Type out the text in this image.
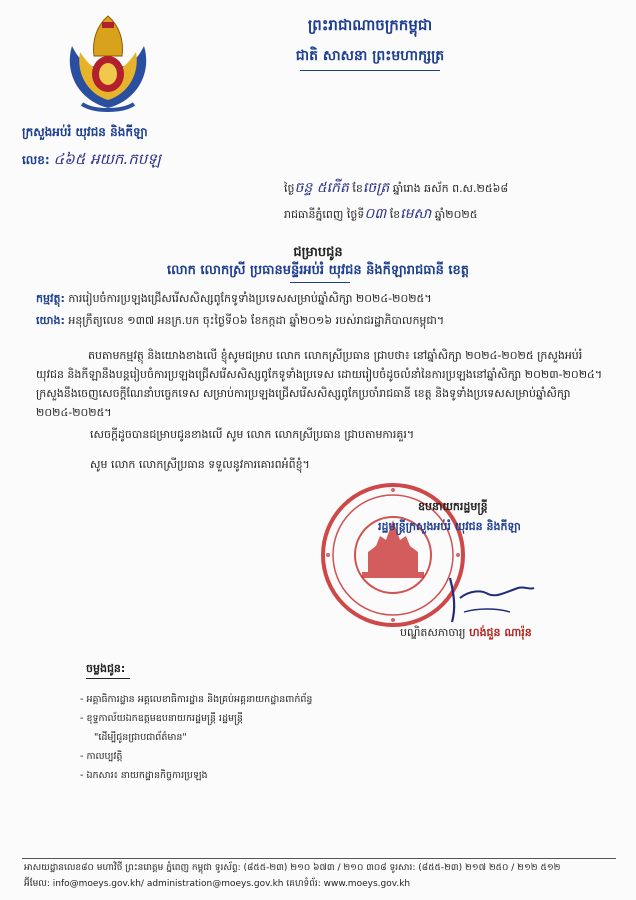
ព្រះរាជាណាចក្រកម្ពុជា
ជាតិ សាសនា ព្រះមហាក្សត្រ
ក្រសួងអប់រំ យុវជន និងកីឡា
លេខ: ៤៦៥ អយក.កបឡ
ថ្ងៃចន្ទ ៥កើត ខែចេត្រ ឆ្នាំរោង ឆស័ក ព.ស.២៥៦៨
រាជធានីភ្នំពេញ ថ្ងៃទី០៣ ខែមេសា ឆ្នាំ២០២៥
ជម្រាបជូន
លោក លោកស្រី ប្រធានមន្ទីរអប់រំ យុវជន និងកីឡារាជធានី ខេត្ត
កម្មវត្ថុ: ការរៀបចំការប្រឡងជ្រើសរើសសិស្សពូកែទូទាំងប្រទេសសម្រាប់ឆ្នាំសិក្សា ២០២៤-២០២៥។
យោង: អនុក្រឹត្យលេខ ១៣៧ អនក្រ.បក ចុះថ្ងៃទី០៦ ខែកក្កដា ឆ្នាំ២០១៦ របស់រាជរដ្ឋាភិបាលកម្ពុជា។

តបតាមកម្មវត្ថុ និងយោងខាងលើ ខ្ញុំសូមជម្រាប លោក លោកស្រីប្រធាន ជ្រាបថា៖ នៅឆ្នាំសិក្សា ២០២៤-២០២៥ ក្រសួងអប់រំ យុវជន និងកីឡានឹងបន្តរៀបចំការប្រឡងជ្រើសរើសសិស្សពូកែទូទាំងប្រទេស ដោយរៀបចំដូចលំនាំនៃការប្រឡងនៅឆ្នាំសិក្សា ២០២៣-២០២៤។ ក្រសួងនឹងចេញសេចក្តីណែនាំបច្ចេកទេស សម្រាប់ការប្រឡងជ្រើសរើសសិស្សពូកែប្រចាំរាជធានី ខេត្ត និងទូទាំងប្រទេសសម្រាប់ឆ្នាំសិក្សា ២០២៤-២០២៥។

សេចក្តីដូចបានជម្រាបជូនខាងលើ សូម លោក លោកស្រីប្រធាន ជ្រាបតាមការគួរ។
សូម លោក លោកស្រីប្រធាន ទទួលនូវការគោរពអំពីខ្ញុំ។
ឧបនាយករដ្ឋមន្ត្រី
រដ្ឋមន្ត្រីក្រសួងអប់រំ យុវជន និងកីឡា
បណ្ឌិតសភាចារ្យ ហង់ជួន ណារ៉ុន
ចម្លងជូន:
- អគ្គាធិការដ្ឋាន អគ្គលេខាធិការដ្ឋាន និងគ្រប់អគ្គនាយកដ្ឋានពាក់ព័ន្ធ
- ខុទ្ទកាល័យឯកឧត្តមឧបនាយករដ្ឋមន្ត្រី រដ្ឋមន្ត្រី
"ដើម្បីជូនជ្រាបជាព័ត៌មាន"
- កាលប្បវត្តិ
- ឯកសារ៖ នាយកដ្ឋានកិច្ចការប្រឡង
អាសយដ្ឋានលេខ៨០ មហាវិថី ព្រះនរោត្តម ភ្នំពេញ កម្ពុជា ទូរស័ព្ទ: (៨៥៥-២៣) ២១០ ៦៧៣ / ២១០ ៣០៨ ទូរសារ: (៨៥៥-២៣) ២១៧ ២៥០ / ២១២ ៥១២
អ៊ីមែល: info@moeys.gov.kh/ administration@moeys.gov.kh គេហទំព័រ: www.moeys.gov.kh
